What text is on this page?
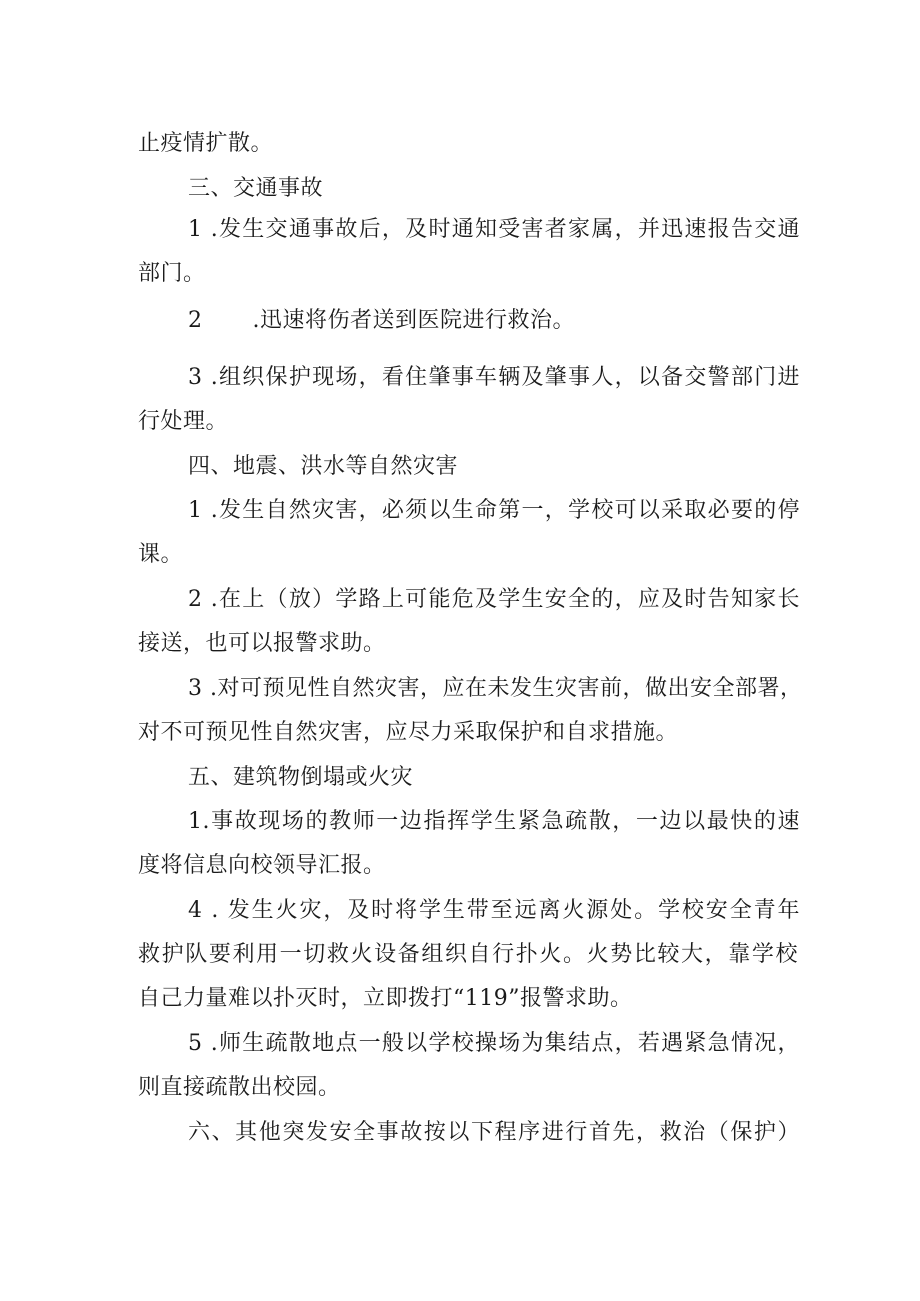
止疫情扩散。
三、交通事故
1 .发生交通事故后，及时通知受害者家属，并迅速报告交通
部门。
2 .迅速将伤者送到医院进行救治。
3 .组织保护现场，看住肇事车辆及肇事人，以备交警部门进
行处理。
四、地震、洪水等自然灾害
1 .发生自然灾害，必须以生命第一，学校可以采取必要的停
课。
2 .在上（放）学路上可能危及学生安全的，应及时告知家长
接送，也可以报警求助。
3 .对可预见性自然灾害，应在未发生灾害前，做出安全部署，
对不可预见性自然灾害，应尽力采取保护和自求措施。
五、建筑物倒塌或火灾
1.事故现场的教师一边指挥学生紧急疏散，一边以最快的速
度将信息向校领导汇报。
4 . 发生火灾，及时将学生带至远离火源处。学校安全青年
救护队要利用一切救火设备组织自行扑火。火势比较大，靠学校
自己力量难以扑灭时，立即拨打“119”报警求助。
5 .师生疏散地点一般以学校操场为集结点，若遇紧急情况，
则直接疏散出校园。
六、其他突发安全事故按以下程序进行首先，救治（保护）
